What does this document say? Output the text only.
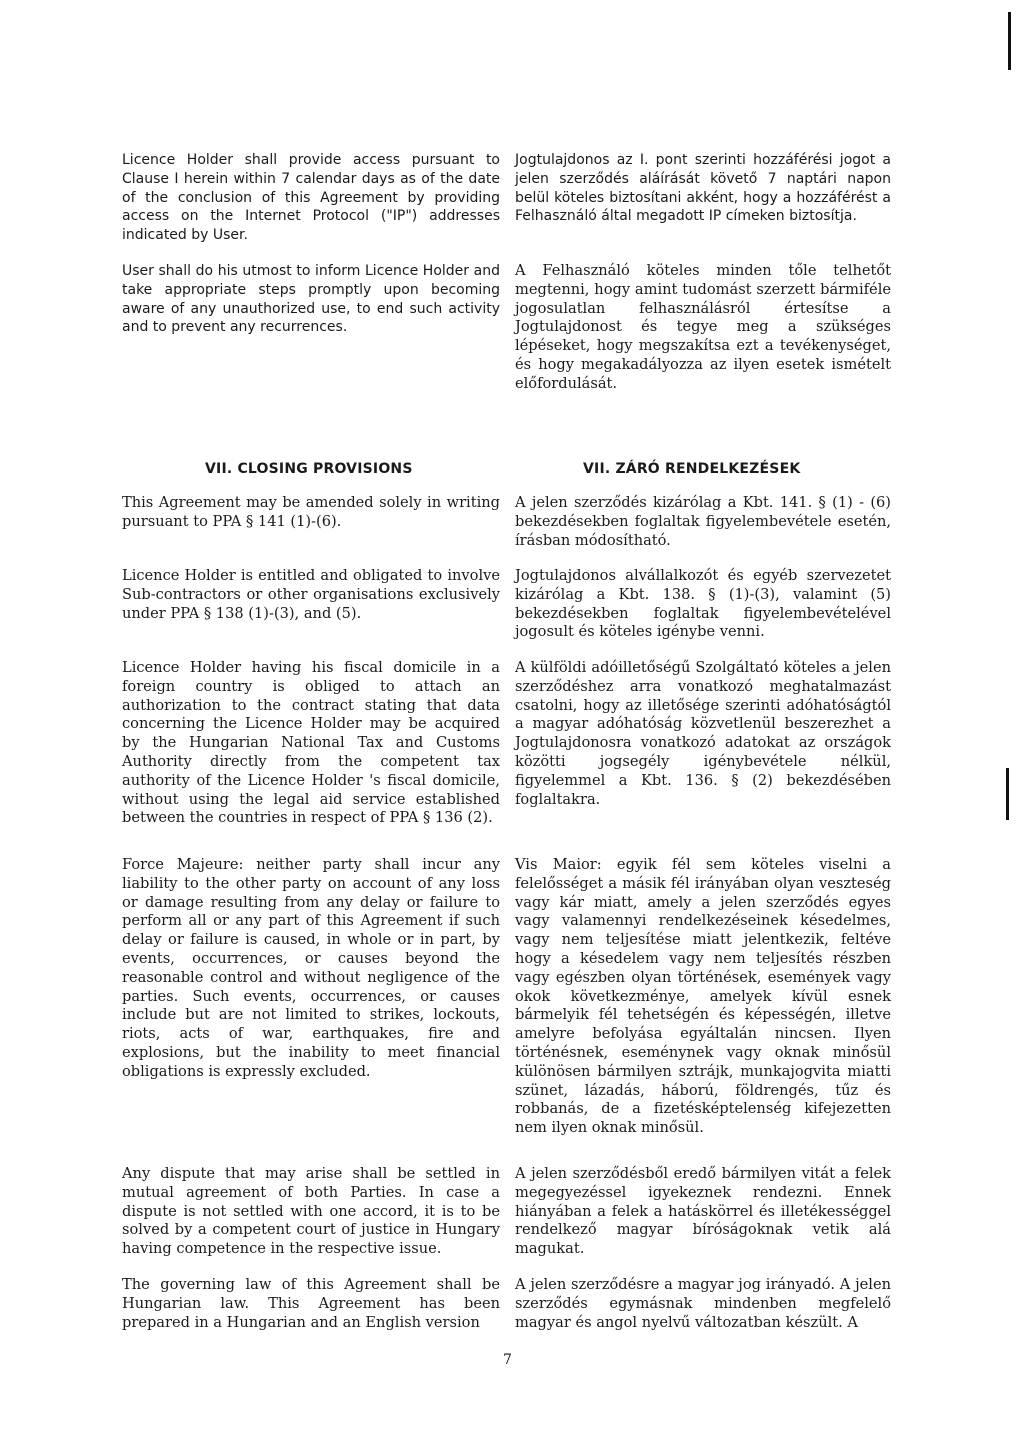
Licence Holder shall provide access pursuant to Clause I herein within 7 calendar days as of the date of the conclusion of this Agreement by providing access on the Internet Protocol ("IP") addresses indicated by User.

Jogtulajdonos az I. pont szerinti hozzáférési jogot a jelen szerződés aláírását követő 7 naptári napon belül köteles biztosítani akként, hogy a hozzáférést a Felhasználó által megadott IP címeken biztosítja.

User shall do his utmost to inform Licence Holder and take appropriate steps promptly upon becoming aware of any unauthorized use, to end such activity and to prevent any recurrences.

A Felhasználó köteles minden tőle telhetőt megtenni, hogy amint tudomást szerzett bármiféle jogosulatlan felhasználásról értesítse a Jogtulajdonost és tegye meg a szükséges lépéseket, hogy megszakítsa ezt a tevékenységet, és hogy megakadályozza az ilyen esetek ismételt előfordulását.

VII. CLOSING PROVISIONS	VII. ZÁRÓ RENDELKEZÉSEK

This Agreement may be amended solely in writing pursuant to PPA § 141 (1)-(6).

A jelen szerződés kizárólag a Kbt. 141. § (1) - (6) bekezdésekben foglaltak figyelembevétele esetén, írásban módosítható.

Licence Holder is entitled and obligated to involve Sub-contractors or other organisations exclusively under PPA § 138 (1)-(3), and (5).

Jogtulajdonos alvállalkozót és egyéb szervezetet kizárólag a Kbt. 138. § (1)-(3), valamint (5) bekezdésekben foglaltak figyelembevételével jogosult és köteles igénybe venni.

Licence Holder having his fiscal domicile in a foreign country is obliged to attach an authorization to the contract stating that data concerning the Licence Holder may be acquired by the Hungarian National Tax and Customs Authority directly from the competent tax authority of the Licence Holder 's fiscal domicile, without using the legal aid service established between the countries in respect of PPA § 136 (2).

A külföldi adóilletőségű Szolgáltató köteles a jelen szerződéshez arra vonatkozó meghatalmazást csatolni, hogy az illetősége szerinti adóhatóságtól a magyar adóhatóság közvetlenül beszerezhet a Jogtulajdonosra vonatkozó adatokat az országok közötti jogsegély igénybevétele nélkül, figyelemmel a Kbt. 136. § (2) bekezdésében foglaltakra.

Force Majeure: neither party shall incur any liability to the other party on account of any loss or damage resulting from any delay or failure to perform all or any part of this Agreement if such delay or failure is caused, in whole or in part, by events, occurrences, or causes beyond the reasonable control and without negligence of the parties. Such events, occurrences, or causes include but are not limited to strikes, lockouts, riots, acts of war, earthquakes, fire and explosions, but the inability to meet financial obligations is expressly excluded.

Vis Maior: egyik fél sem köteles viselni a felelősséget a másik fél irányában olyan veszteség vagy kár miatt, amely a jelen szerződés egyes vagy valamennyi rendelkezéseinek késedelmes, vagy nem teljesítése miatt jelentkezik, feltéve hogy a késedelem vagy nem teljesítés részben vagy egészben olyan történések, események vagy okok következménye, amelyek kívül esnek bármelyik fél tehetségén és képességén, illetve amelyre befolyása egyáltalán nincsen. Ilyen történésnek, eseménynek vagy oknak minősül különösen bármilyen sztrájk, munkajogvita miatti szünet, lázadás, háború, földrengés, tűz és robbanás, de a fizetésképtelenség kifejezetten nem ilyen oknak minősül.

Any dispute that may arise shall be settled in mutual agreement of both Parties. In case a dispute is not settled with one accord, it is to be solved by a competent court of justice in Hungary having competence in the respective issue.

A jelen szerződésből eredő bármilyen vitát a felek megegyezéssel igyekeznek rendezni. Ennek hiányában a felek a hatáskörrel és illetékességgel rendelkező magyar bíróságoknak vetik alá magukat.

The governing law of this Agreement shall be Hungarian law. This Agreement has been prepared in a Hungarian and an English version

A jelen szerződésre a magyar jog irányadó. A jelen szerződés egymásnak mindenben megfelelő magyar és angol nyelvű változatban készült. A

7
